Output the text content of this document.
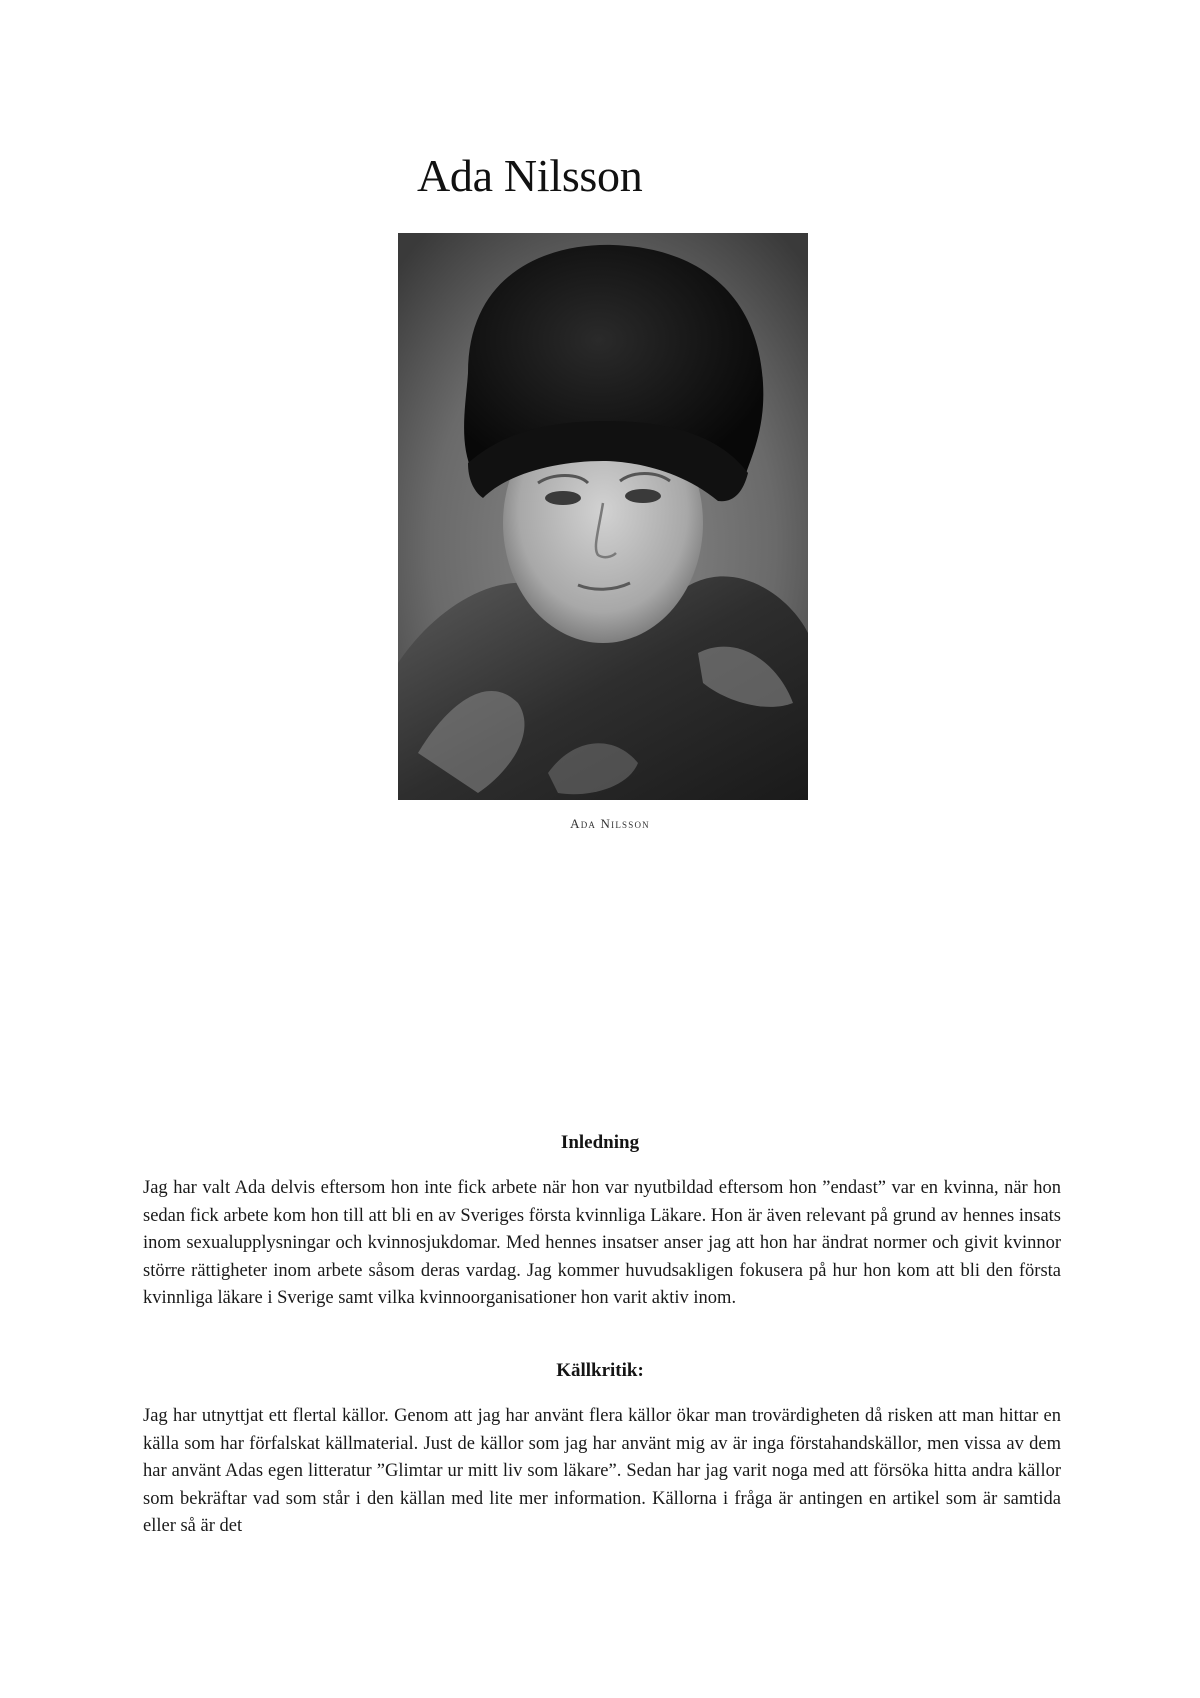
Ada Nilsson
Ada Nilsson
Inledning

Jag har valt Ada delvis eftersom hon inte fick arbete när hon var nyutbildad eftersom hon ”endast” var en kvinna, när hon sedan fick arbete kom hon till att bli en av Sveriges första kvinnliga Läkare. Hon är även relevant på grund av hennes insats inom sexualupplysningar och kvinnosjukdomar. Med hennes insatser anser jag att hon har ändrat normer och givit kvinnor större rättigheter inom arbete såsom deras vardag. Jag kommer huvudsakligen fokusera på hur hon kom att bli den första kvinnliga läkare i Sverige samt vilka kvinnoorganisationer hon varit aktiv inom.

Källkritik:

Jag har utnyttjat ett flertal källor. Genom att jag har använt flera källor ökar man trovärdigheten då risken att man hittar en källa som har förfalskat källmaterial. Just de källor som jag har använt mig av är inga förstahandskällor, men vissa av dem har använt Adas egen litteratur ”Glimtar ur mitt liv som läkare”. Sedan har jag varit noga med att försöka hitta andra källor som bekräftar vad som står i den källan med lite mer information. Källorna i fråga är antingen en artikel som är samtida eller så är det
